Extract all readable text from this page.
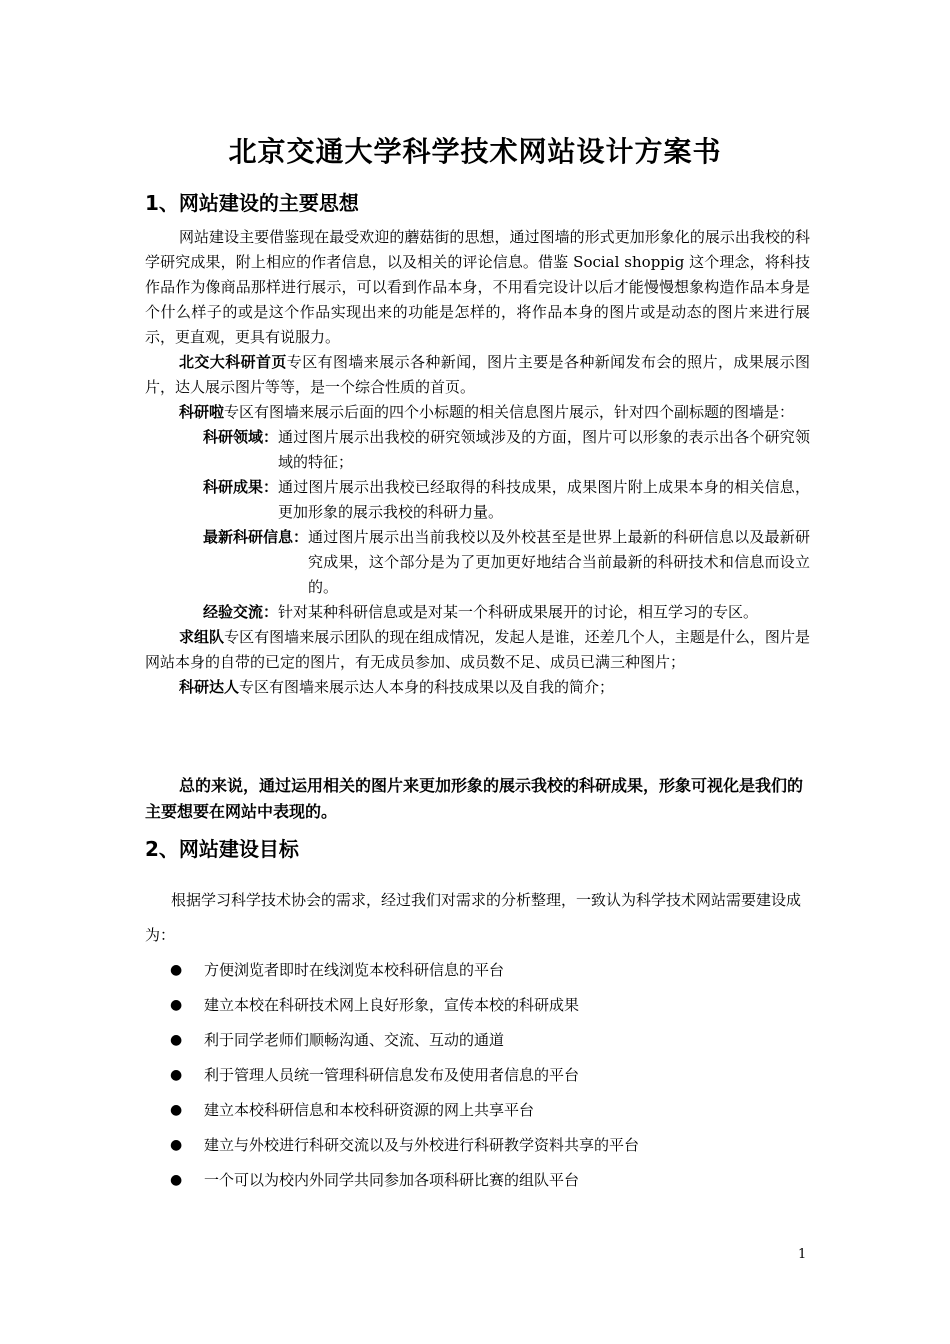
北京交通大学科学技术网站设计方案书
1、网站建设的主要思想

网站建设主要借鉴现在最受欢迎的蘑菇街的思想，通过图墙的形式更加形象化的展示出我校的科学研究成果，附上相应的作者信息，以及相关的评论信息。借鉴 Social shoppig 这个理念，将科技作品作为像商品那样进行展示，可以看到作品本身，不用看完设计以后才能慢慢想象构造作品本身是个什么样子的或是这个作品实现出来的功能是怎样的，将作品本身的图片或是动态的图片来进行展示，更直观，更具有说服力。

北交大科研首页专区有图墙来展示各种新闻，图片主要是各种新闻发布会的照片，成果展示图片，达人展示图片等等，是一个综合性质的首页。

科研啦专区有图墙来展示后面的四个小标题的相关信息图片展示，针对四个副标题的图墙是：

科研领域： 通过图片展示出我校的研究领域涉及的方面，图片可以形象的表示出各个研究领域的特征；
科研成果： 通过图片展示出我校已经取得的科技成果，成果图片附上成果本身的相关信息，更加形象的展示我校的科研力量。
最新科研信息： 通过图片展示出当前我校以及外校甚至是世界上最新的科研信息以及最新研究成果，这个部分是为了更加更好地结合当前最新的科研技术和信息而设立的。
经验交流： 针对某种科研信息或是对某一个科研成果展开的讨论，相互学习的专区。

求组队专区有图墙来展示团队的现在组成情况，发起人是谁，还差几个人，主题是什么，图片是网站本身的自带的已定的图片，有无成员参加、成员数不足、成员已满三种图片；

科研达人专区有图墙来展示达人本身的科技成果以及自我的简介；

总的来说，通过运用相关的图片来更加形象的展示我校的科研成果，形象可视化是我们的主要想要在网站中表现的。

2、网站建设目标

根据学习科学技术协会的需求，经过我们对需求的分析整理，一致认为科学技术网站需要建设成为：

●	方便浏览者即时在线浏览本校科研信息的平台
●	建立本校在科研技术网上良好形象，宣传本校的科研成果
●	利于同学老师们顺畅沟通、交流、互动的通道
●	利于管理人员统一管理科研信息发布及使用者信息的平台
●	建立本校科研信息和本校科研资源的网上共享平台
●	建立与外校进行科研交流以及与外校进行科研教学资料共享的平台
●	一个可以为校内外同学共同参加各项科研比赛的组队平台
1
